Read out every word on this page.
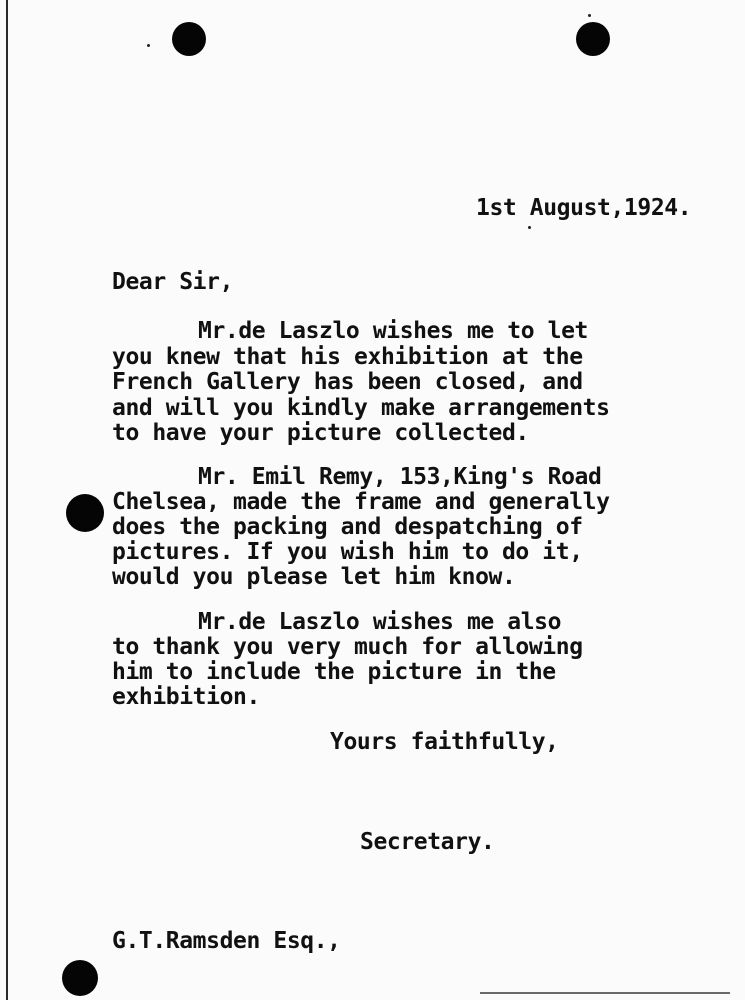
1st August,1924.

Dear Sir,

Mr.de Laszlo wishes me to let

you knew that his exhibition at the

French Gallery has been closed, and

and will you kindly make arrangements

to have your picture collected.

Mr. Emil Remy, 153,King's Road

Chelsea, made the frame and generally

does the packing and despatching of

pictures. If you wish him to do it,

would you please let him know.

Mr.de Laszlo wishes me also

to thank you very much for allowing

him to include the picture in the

exhibition.

Yours faithfully,

Secretary.

G.T.Ramsden Esq.,
